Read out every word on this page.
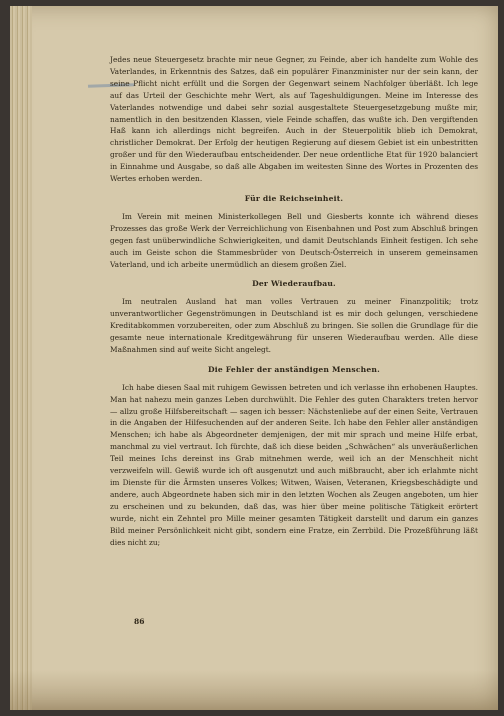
Jedes neue Steuergesetz brachte mir neue Gegner, zu Feinde, aber ich handelte zum Wohle des Vaterlandes, in Erkenntnis des Satzes, daß ein populärer Finanzminister nur der sein kann, der seine Pflicht nicht erfüllt und die Sorgen der Gegenwart seinem Nachfolger überläßt. Ich lege auf das Urteil der Geschichte mehr Wert, als auf Tageshuldigungen. Meine im Interesse des Vaterlandes notwendige und dabei sehr sozial ausgestaltete Steuergesetzgebung mußte mir, namentlich in den besitzenden Klassen, viele Feinde schaffen, das wußte ich. Den vergiftenden Haß kann ich allerdings nicht begreifen. Auch in der Steuerpolitik blieb ich Demokrat, christlicher Demokrat. Der Erfolg der heutigen Regierung auf diesem Gebiet ist ein unbestritten großer und für den Wiederaufbau entscheidender. Der neue ordentliche Etat für 1920 balanciert in Einnahme und Ausgabe, so daß alle Abgaben im weitesten Sinne des Wortes in Prozenten des Wertes erhoben werden.

Für die Reichseinheit.

Im Verein mit meinen Ministerkollegen Bell und Giesberts konnte ich während dieses Prozesses das große Werk der Verreichlichung von Eisenbahnen und Post zum Abschluß bringen gegen fast unüberwindliche Schwierigkeiten, und damit Deutschlands Einheit festigen. Ich sehe auch im Geiste schon die Stammesbrüder von Deutsch-Österreich in unserem gemeinsamen Vaterland, und ich arbeite unermüdlich an diesem großen Ziel.

Der Wiederaufbau.

Im neutralen Ausland hat man volles Vertrauen zu meiner Finanzpolitik; trotz unverantwortlicher Gegenströmungen in Deutschland ist es mir doch gelungen, verschiedene Kreditabkommen vorzubereiten, oder zum Abschluß zu bringen. Sie sollen die Grundlage für die gesamte neue internationale Kreditgewährung für unseren Wiederaufbau werden. Alle diese Maßnahmen sind auf weite Sicht angelegt.

Die Fehler der anständigen Menschen.

Ich habe diesen Saal mit ruhigem Gewissen betreten und ich verlasse ihn erhobenen Hauptes. Man hat nahezu mein ganzes Leben durchwühlt. Die Fehler des guten Charakters treten hervor — allzu große Hilfsbereitschaft — sagen ich besser: Nächstenliebe auf der einen Seite, Vertrauen in die Angaben der Hilfesuchenden auf der anderen Seite. Ich habe den Fehler aller anständigen Menschen; ich habe als Abgeordneter demjenigen, der mit mir sprach und meine Hilfe erbat, manchmal zu viel vertraut. Ich fürchte, daß ich diese beiden „Schwächen“ als unveräußerlichen Teil meines Ichs dereinst ins Grab mitnehmen werde, weil ich an der Menschheit nicht verzweifeln will. Gewiß wurde ich oft ausgenutzt und auch mißbraucht, aber ich erlahmte nicht im Dienste für die Ärmsten unseres Volkes; Witwen, Waisen, Veteranen, Kriegsbeschädigte und andere, auch Abgeordnete haben sich mir in den letzten Wochen als Zeugen angeboten, um hier zu erscheinen und zu bekunden, daß das, was hier über meine politische Tätigkeit erörtert wurde, nicht ein Zehntel pro Mille meiner gesamten Tätigkeit darstellt und darum ein ganzes Bild meiner Persönlichkeit nicht gibt, sondern eine Fratze, ein Zerrbild. Die Prozeßführung läßt dies nicht zu;

86
